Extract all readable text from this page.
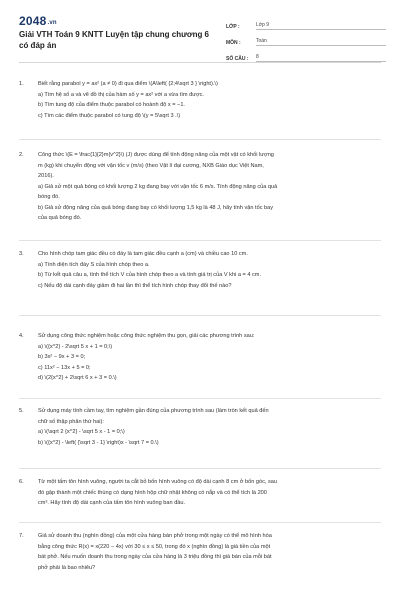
2048.vn
Giải VTH Toán 9 KNTT Luyện tập chung chương 6 có đáp án
LỚP :	Lớp 9
MÔN :	Toán
SỐ CÂU :	8
1.	Biết rằng parabol y = ax² (a ≠ 0) đi qua điểm \(A\left( {2;4\sqrt 3 } \right).\)
a) Tìm hệ số a và vẽ đồ thị của hàm số y = ax² với a vừa tìm được.
b) Tìm tung độ của điểm thuộc parabol có hoành độ x = −1.
c) Tìm các điểm thuộc parabol có tung độ \(y = 5\sqrt 3 .\)
2.	Công thức \(E = \frac{1}{2}m{v^2}\) (J) được dùng để tính động năng của một vật có khối lượng
m (kg) khi chuyển động với vận tốc v (m/s) (theo Vật lí đại cương, NXB Giáo dục Việt Nam,
2016).
a) Giả sử một quả bóng có khối lượng 2 kg đang bay với vận tốc 6 m/s. Tính động năng của quả
bóng đó.
b) Giả sử động năng của quả bóng đang bay có khối lượng 1,5 kg là 48 J, hãy tính vận tốc bay
của quả bóng đó.
3.	Cho hình chóp tam giác đều có đáy là tam giác đều cạnh a (cm) và chiều cao 10 cm.
a) Tính diện tích đáy S của hình chóp theo a.
b) Từ kết quả câu a, tính thể tích V của hình chóp theo a và tính giá trị của V khi a = 4 cm.
c) Nếu độ dài cạnh đáy giảm đi hai lần thì thể tích hình chóp thay đổi thế nào?
4.	Sử dụng công thức nghiệm hoặc công thức nghiệm thu gọn, giải các phương trình sau:
a) \({x^2} - 2\sqrt 5 x + 1 = 0;\)
b) 3x² − 9x + 3 = 0;
c) 11x² − 13x + 5 = 0;
d) \(2{x^2} + 2\sqrt 6 x + 3 = 0.\)
5.	Sử dụng máy tính cầm tay, tìm nghiệm gần đúng của phương trình sau (làm tròn kết quả đến
chữ số thập phân thứ hai):
a) \(\sqrt 2 {x^2} - \sqrt 5 x - 1 = 0;\)
b) \({x^2} - \left( {\sqrt 3 - 1} \right)x - \sqrt 7 = 0.\)
6.	Từ một tấm tôn hình vuông, người ta cắt bỏ bốn hình vuông có độ dài cạnh 8 cm ở bốn góc, sau
đó gập thành một chiếc thùng có dạng hình hộp chữ nhật không có nắp và có thể tích là 200
cm³. Hãy tính độ dài cạnh của tấm tôn hình vuông ban đầu.
7.	Giả sử doanh thu (nghìn đồng) của một cửa hàng bán phở trong một ngày có thể mô hình hóa
bằng công thức R(x) = x(220 − 4x) với 30 ≤ x ≤ 50, trong đó x (nghìn đồng) là giá tiền của một
bát phở. Nếu muốn doanh thu trong ngày của cửa hàng là 3 triệu đồng thì giá bán của mỗi bát
phở phải là bao nhiêu?
